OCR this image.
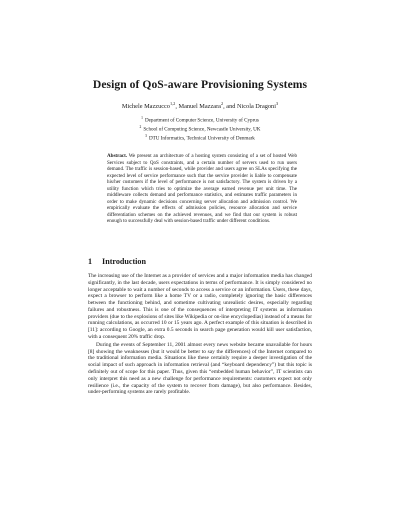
Design of QoS-aware Provisioning Systems
Michele Mazzucco$^{1,2}$, Manuel Mazzara$^2$, and Nicola Dragoni$^3$
$^1$ Department of Computer Science, University of Cyprus
$^2$ School of Computing Science, Newcastle University, UK
$^3$ DTU Informatics, Technical University of Denmark
Abstract. We present an architecture of a hosting system consisting of a set of hosted Web Services subject to QoS constraints, and a certain number of servers used to run users demand. The traffic is session-based, while provider and users agree on SLAs specifying the expected level of service performance such that the service provider is liable to compensate his/her customers if the level of performance is not satisfactory. The system is driven by a utility function which tries to optimize the average earned revenue per unit time. The middleware collects demand and performance statistics, and estimates traffic parameters in order to make dynamic decisions concerning server allocation and admission control. We empirically evaluate the effects of admission policies, resource allocation and service differentiation schemes on the achieved revenues, and we find that our system is robust enough to successfully deal with session-based traffic under different conditions.
1 Introduction

The increasing use of the Internet as a provider of services and a major information media has changed significantly, in the last decade, users expectations in terms of performance. It is simply considered no longer acceptable to wait a number of seconds to access a service or an information. Users, these days, expect a browser to perform like a home TV or a radio, completely ignoring the basic differences between the functioning behind, and sometime cultivating unrealistic desires, especially regarding failures and robustness. This is one of the consequences of interpreting IT systems as information providers (due to the explosions of sites like Wikipedia or on-line encyclopedias) instead of a means for running calculations, as occurred 10 or 15 years ago. A perfect example of this situation is described in [11]: according to Google, an extra 0.5 seconds in search page generation would kill user satisfaction, with a consequent 20% traffic drop.

During the events of September 11, 2001 almost every news website became unavailable for hours [8] showing the weaknesses (but it would be better to say the differences) of the Internet compared to the traditional information media. Situations like these certainly require a deeper investigation of the social impact of such approach in information retrieval (and “keyboard dependency”) but this topic is definitely out of scope for this paper. Thus, given this “embedded human behavior”, IT scientists can only interpret this need as a new challenge for performance requirements: customers expect not only resilience (i.e., the capacity of the system to recover from damage), but also performance. Besides, under-performing systems are rarely profitable.
